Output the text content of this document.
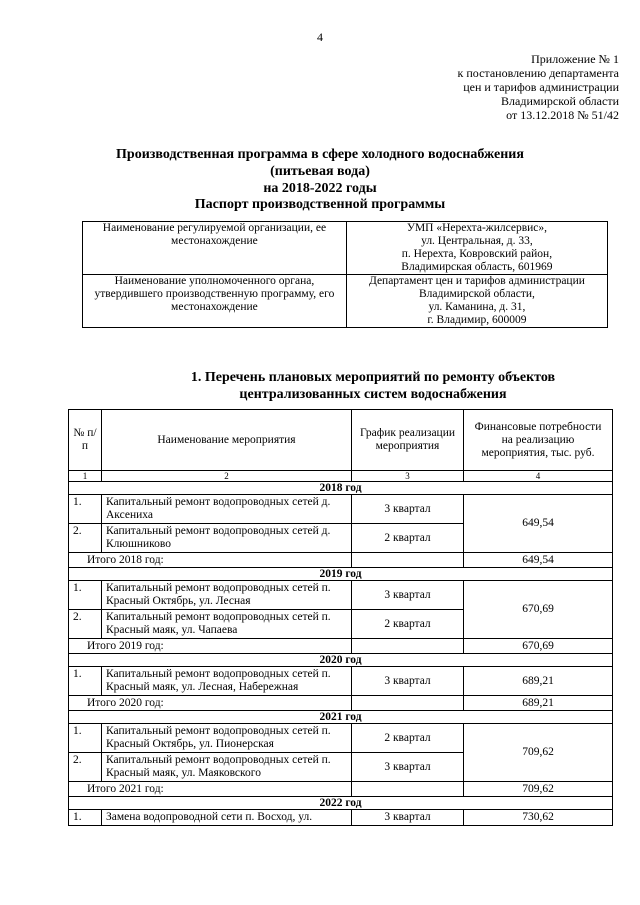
4
Приложение № 1
к постановлению департамента
цен и тарифов администрации
Владимирской области
от 13.12.2018 № 51/42
Производственная программа в сфере холодного водоснабжения
(питьевая вода)
на 2018-2022 годы
Паспорт производственной программы
Наименование регулируемой организации, ее местонахождение	УМП «Нерехта-жилсервис»,
ул. Центральная, д. 33,
п. Нерехта, Ковровский район,
Владимирская область, 601969

Наименование уполномоченного органа, утвердившего производственную программу, его местонахождение	Департамент цен и тарифов администрации
Владимирской области,
ул. Каманина, д. 31,
г. Владимир, 600009
1. Перечень плановых мероприятий по ремонту объектов
централизованных систем водоснабжения
№ п/п	Наименование мероприятия	График реализации мероприятия	Финансовые потребности на реализацию мероприятия, тыс. руб.
1	2	3	4
2018 год			
1.	Капитальный ремонт водопроводных сетей д. Аксениха	3 квартал	649,54
2.	Капитальный ремонт водопроводных сетей д. Клюшниково	2 квартал	
Итого 2018 год:			649,54
2019 год			
1.	Капитальный ремонт водопроводных сетей п. Красный Октябрь, ул. Лесная	3 квартал	670,69
2.	Капитальный ремонт водопроводных сетей п. Красный маяк, ул. Чапаева	2 квартал	
Итого 2019 год:			670,69
2020 год			
1.	Капитальный ремонт водопроводных сетей п. Красный маяк, ул. Лесная, Набережная	3 квартал	689,21
Итого 2020 год:			689,21
2021 год			
1.	Капитальный ремонт водопроводных сетей п. Красный Октябрь, ул. Пионерская	2 квартал	709,62
2.	Капитальный ремонт водопроводных сетей п. Красный маяк, ул. Маяковского	3 квартал	
Итого 2021 год:			709,62
2022 год			
1.	Замена водопроводной сети п. Восход, ул.	3 квартал	730,62
